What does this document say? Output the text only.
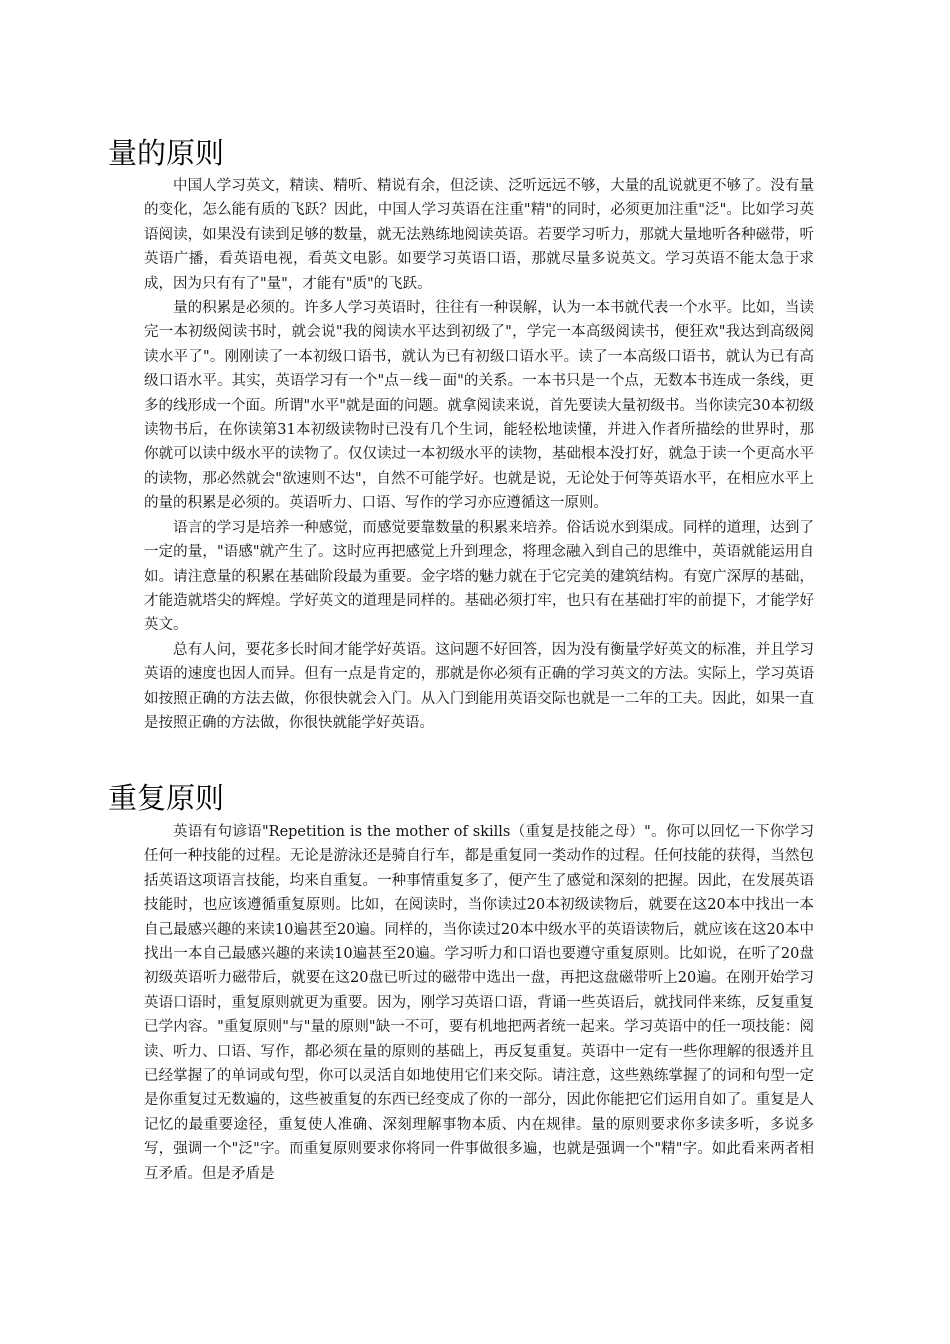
量的原则

中国人学习英文，精读、精听、精说有余，但泛读、泛听远远不够，大量的乱说就更不够了。没有量的变化，怎么能有质的飞跃？因此，中国人学习英语在注重"精"的同时，必须更加注重"泛"。比如学习英语阅读，如果没有读到足够的数量，就无法熟练地阅读英语。若要学习听力，那就大量地听各种磁带，听英语广播，看英语电视，看英文电影。如要学习英语口语，那就尽量多说英文。学习英语不能太急于求成，因为只有有了"量"，才能有"质"的飞跃。

量的积累是必须的。许多人学习英语时，往往有一种误解，认为一本书就代表一个水平。比如，当读完一本初级阅读书时，就会说"我的阅读水平达到初级了"，学完一本高级阅读书，便狂欢"我达到高级阅读水平了"。刚刚读了一本初级口语书，就认为已有初级口语水平。读了一本高级口语书，就认为已有高级口语水平。其实，英语学习有一个"点－线－面"的关系。一本书只是一个点，无数本书连成一条线，更多的线形成一个面。所谓"水平"就是面的问题。就拿阅读来说，首先要读大量初级书。当你读完30本初级读物书后，在你读第31本初级读物时已没有几个生词，能轻松地读懂，并进入作者所描绘的世界时，那你就可以读中级水平的读物了。仅仅读过一本初级水平的读物，基础根本没打好，就急于读一个更高水平的读物，那必然就会"欲速则不达"，自然不可能学好。也就是说，无论处于何等英语水平，在相应水平上的量的积累是必须的。英语听力、口语、写作的学习亦应遵循这一原则。

语言的学习是培养一种感觉，而感觉要靠数量的积累来培养。俗话说水到渠成。同样的道理，达到了一定的量，"语感"就产生了。这时应再把感觉上升到理念，将理念融入到自己的思维中，英语就能运用自如。请注意量的积累在基础阶段最为重要。金字塔的魅力就在于它完美的建筑结构。有宽广深厚的基础，才能造就塔尖的辉煌。学好英文的道理是同样的。基础必须打牢，也只有在基础打牢的前提下，才能学好英文。

总有人问，要花多长时间才能学好英语。这问题不好回答，因为没有衡量学好英文的标准，并且学习英语的速度也因人而异。但有一点是肯定的，那就是你必须有正确的学习英文的方法。实际上，学习英语如按照正确的方法去做，你很快就会入门。从入门到能用英语交际也就是一二年的工夫。因此，如果一直是按照正确的方法做，你很快就能学好英语。

重复原则

英语有句谚语"Repetition is the mother of skills（重复是技能之母）"。你可以回忆一下你学习任何一种技能的过程。无论是游泳还是骑自行车，都是重复同一类动作的过程。任何技能的获得，当然包括英语这项语言技能，均来自重复。一种事情重复多了，便产生了感觉和深刻的把握。因此，在发展英语技能时，也应该遵循重复原则。比如，在阅读时，当你读过20本初级读物后，就要在这20本中找出一本自己最感兴趣的来读10遍甚至20遍。同样的，当你读过20本中级水平的英语读物后，就应该在这20本中找出一本自己最感兴趣的来读10遍甚至20遍。学习听力和口语也要遵守重复原则。比如说，在听了20盘初级英语听力磁带后，就要在这20盘已听过的磁带中选出一盘，再把这盘磁带听上20遍。在刚开始学习英语口语时，重复原则就更为重要。因为，刚学习英语口语，背诵一些英语后，就找同伴来练，反复重复已学内容。"重复原则"与"量的原则"缺一不可，要有机地把两者统一起来。学习英语中的任一项技能：阅读、听力、口语、写作，都必须在量的原则的基础上，再反复重复。英语中一定有一些你理解的很透并且已经掌握了的单词或句型，你可以灵活自如地使用它们来交际。请注意，这些熟练掌握了的词和句型一定是你重复过无数遍的，这些被重复的东西已经变成了你的一部分，因此你能把它们运用自如了。重复是人记忆的最重要途径，重复使人准确、深刻理解事物本质、内在规律。量的原则要求你多读多听，多说多写，强调一个"泛"字。而重复原则要求你将同一件事做很多遍，也就是强调一个"精"字。如此看来两者相互矛盾。但是矛盾是
